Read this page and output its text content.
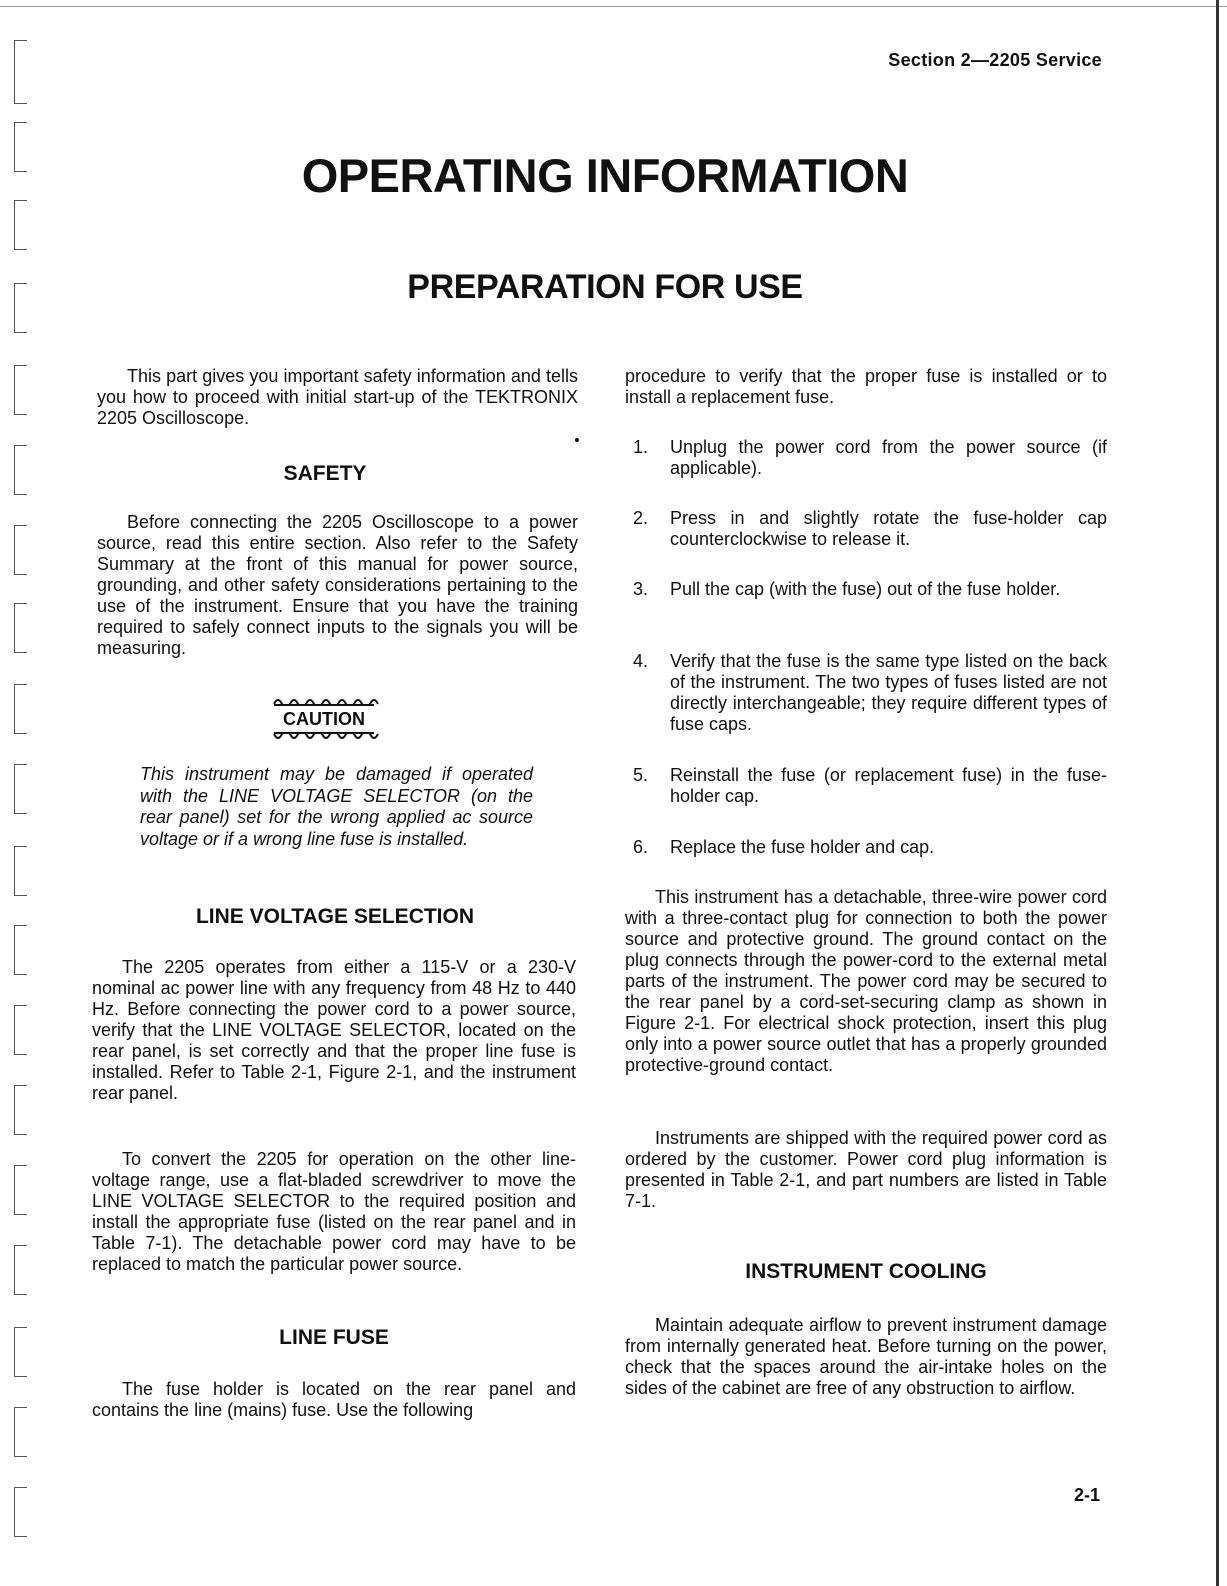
Section 2—2205 Service
OPERATING INFORMATION
PREPARATION FOR USE

This part gives you important safety information and tells you how to proceed with initial start-up of the TEKTRONIX 2205 Oscilloscope.

SAFETY

Before connecting the 2205 Oscilloscope to a power source, read this entire section. Also refer to the Safety Summary at the front of this manual for power source, grounding, and other safety considerations pertaining to the use of the instrument. Ensure that you have the training required to safely connect inputs to the signals you will be measuring.

CAUTION
This instrument may be damaged if operated with the LINE VOLTAGE SELECTOR (on the rear panel) set for the wrong applied ac source voltage or if a wrong line fuse is installed.
LINE VOLTAGE SELECTION

The 2205 operates from either a 115-V or a 230-V nominal ac power line with any frequency from 48 Hz to 440 Hz. Before connecting the power cord to a power source, verify that the LINE VOLTAGE SELECTOR, located on the rear panel, is set correctly and that the proper line fuse is installed. Refer to Table 2-1, Figure 2-1, and the instrument rear panel.

To convert the 2205 for operation on the other line-voltage range, use a flat-bladed screwdriver to move the LINE VOLTAGE SELECTOR to the required position and install the appropriate fuse (listed on the rear panel and in Table 7-1). The detachable power cord may have to be replaced to match the particular power source.

LINE FUSE

The fuse holder is located on the rear panel and contains the line (mains) fuse. Use the following

procedure to verify that the proper fuse is installed or to install a replacement fuse.

1. Unplug the power cord from the power source (if applicable).
2. Press in and slightly rotate the fuse-holder cap counterclockwise to release it.
3. Pull the cap (with the fuse) out of the fuse holder.
4. Verify that the fuse is the same type listed on the back of the instrument. The two types of fuses listed are not directly interchangeable; they require different types of fuse caps.
5. Reinstall the fuse (or replacement fuse) in the fuse-holder cap.
6. Replace the fuse holder and cap.

This instrument has a detachable, three-wire power cord with a three-contact plug for connection to both the power source and protective ground. The ground contact on the plug connects through the power-cord to the external metal parts of the instrument. The power cord may be secured to the rear panel by a cord-set-securing clamp as shown in Figure 2-1. For electrical shock protection, insert this plug only into a power source outlet that has a properly grounded protective-ground contact.

Instruments are shipped with the required power cord as ordered by the customer. Power cord plug information is presented in Table 2-1, and part numbers are listed in Table 7-1.

INSTRUMENT COOLING

Maintain adequate airflow to prevent instrument damage from internally generated heat. Before turning on the power, check that the spaces around the air-intake holes on the sides of the cabinet are free of any obstruction to airflow.

2-1
